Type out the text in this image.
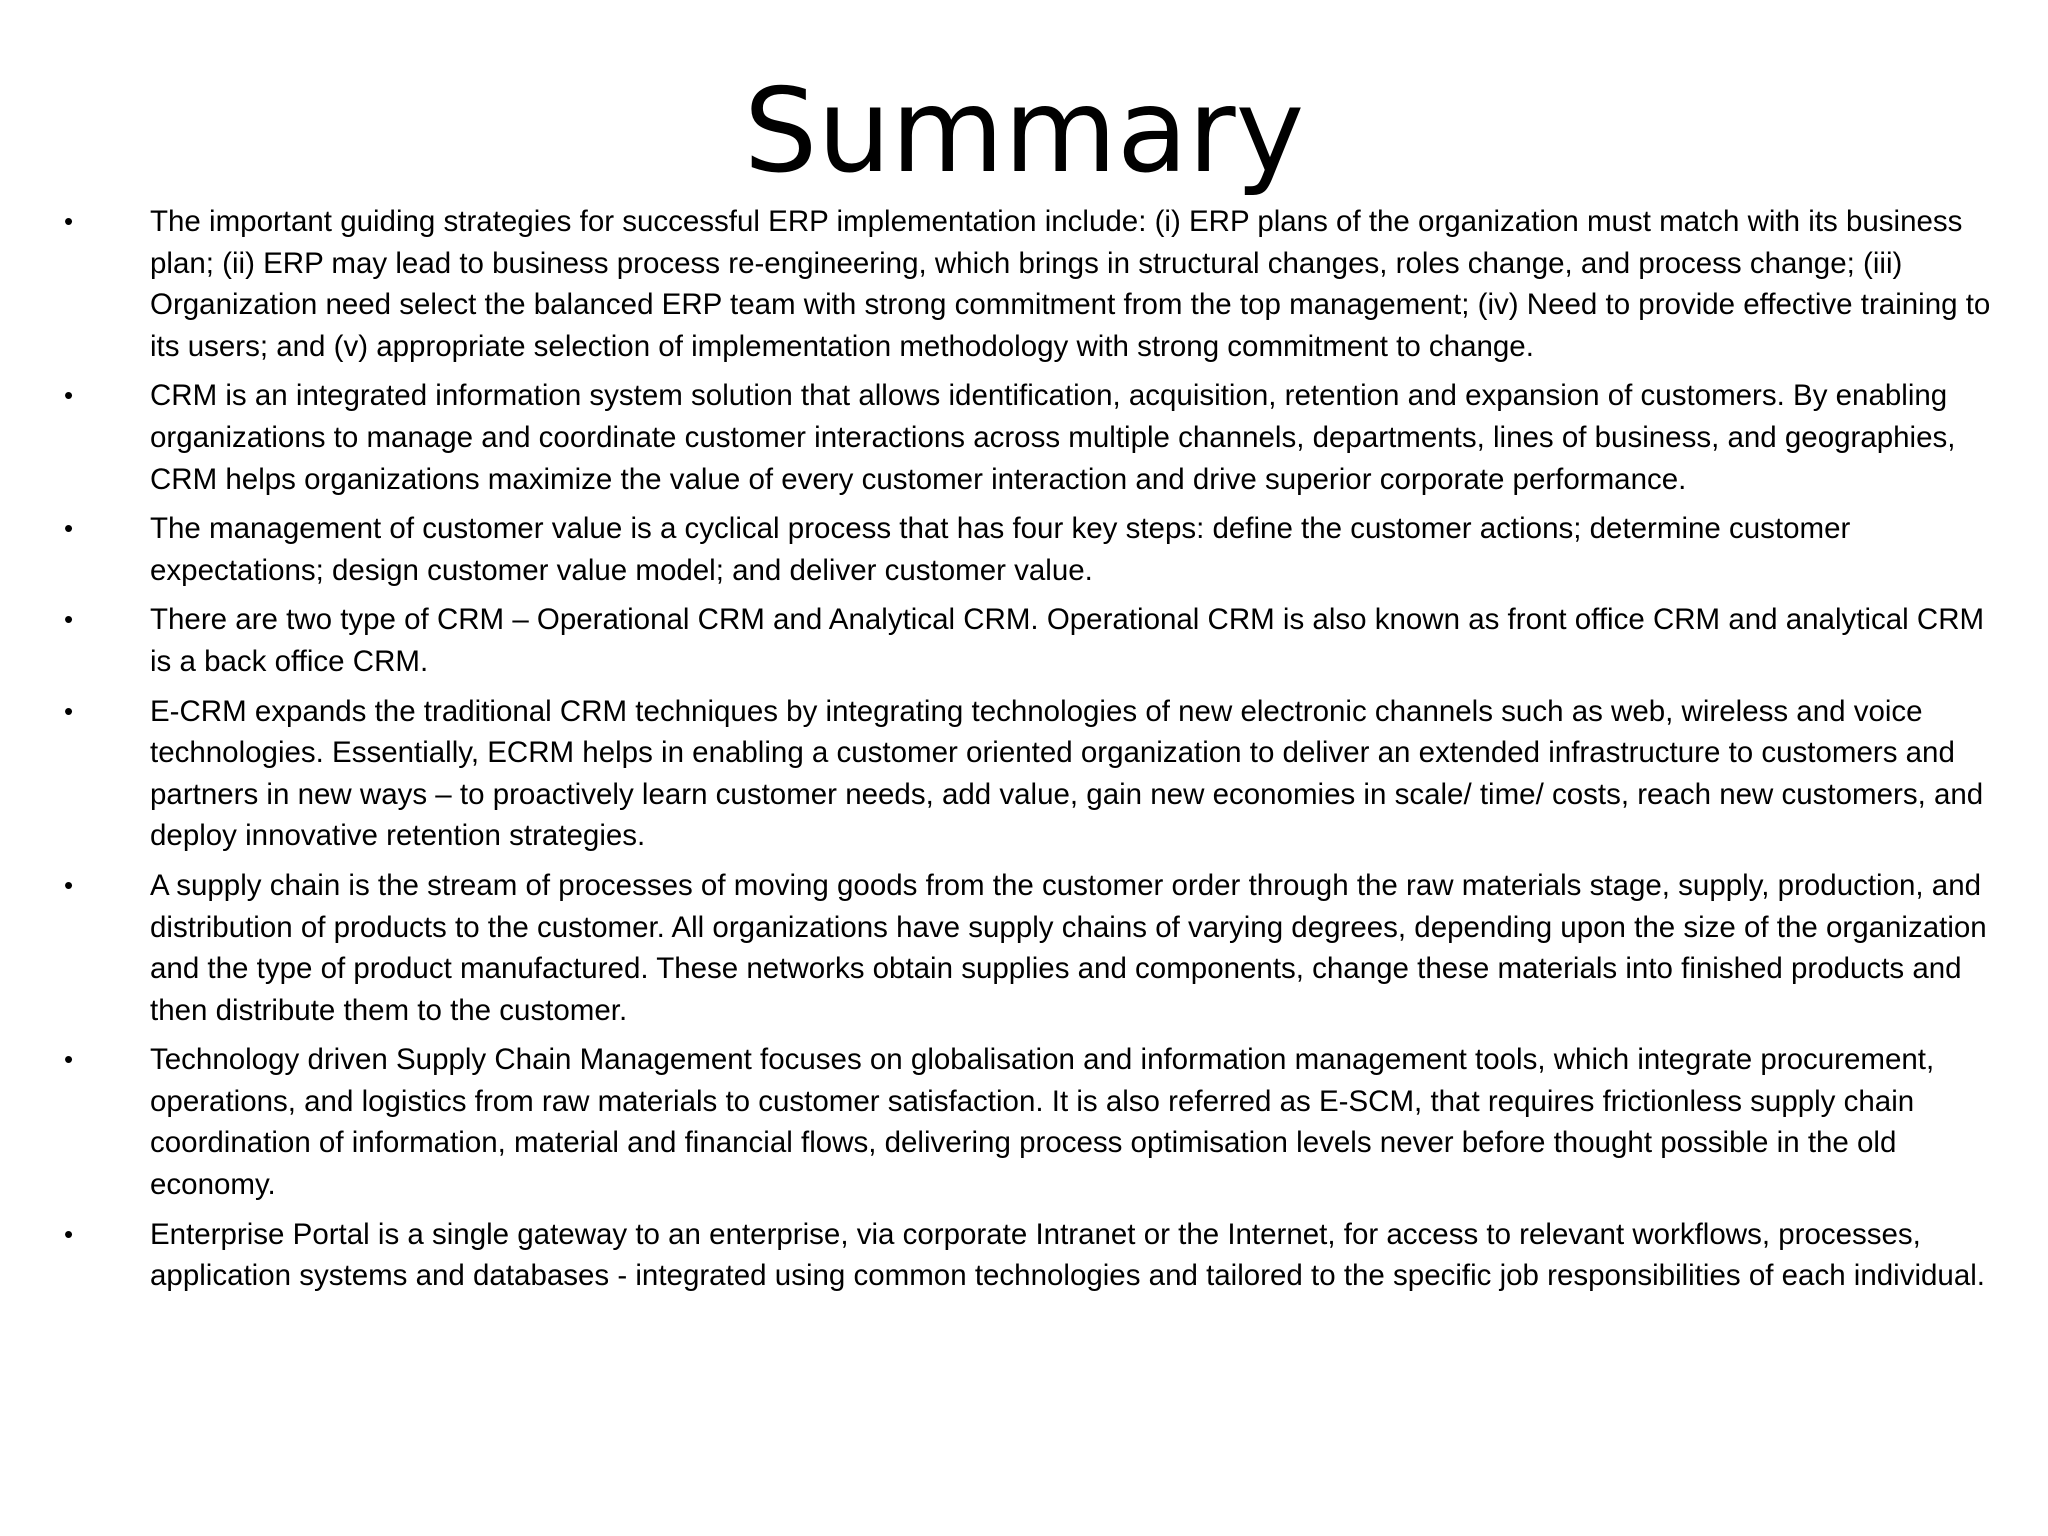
Summary
•	The important guiding strategies for successful ERP implementation include: (i) ERP plans of the organization must match with its business plan; (ii) ERP may lead to business process re-engineering, which brings in structural changes, roles change, and process change; (iii) Organization need select the balanced ERP team with strong commitment from the top management; (iv) Need to provide effective training to its users; and (v) appropriate selection of implementation methodology with strong commitment to change.
•	CRM is an integrated information system solution that allows identification, acquisition, retention and expansion of customers. By enabling organizations to manage and coordinate customer interactions across multiple channels, departments, lines of business, and geographies, CRM helps organizations maximize the value of every customer interaction and drive superior corporate performance.
•	The management of customer value is a cyclical process that has four key steps: define the customer actions; determine customer expectations; design customer value model; and deliver customer value.
•	There are two type of CRM – Operational CRM and Analytical CRM. Operational CRM is also known as front office CRM and analytical CRM is a back office CRM.
•	E-CRM expands the traditional CRM techniques by integrating technologies of new electronic channels such as web, wireless and voice technologies. Essentially, ECRM helps in enabling a customer oriented organization to deliver an extended infrastructure to customers and partners in new ways – to proactively learn customer needs, add value, gain new economies in scale/ time/ costs, reach new customers, and deploy innovative retention strategies.
•	A supply chain is the stream of processes of moving goods from the customer order through the raw materials stage, supply, production, and distribution of products to the customer. All organizations have supply chains of varying degrees, depending upon the size of the organization and the type of product manufactured. These networks obtain supplies and components, change these materials into finished products and then distribute them to the customer.
•	Technology driven Supply Chain Management focuses on globalisation and information management tools, which integrate procurement, operations, and logistics from raw materials to customer satisfaction. It is also referred as E-SCM, that requires frictionless supply chain coordination of information, material and financial flows, delivering process optimisation levels never before thought possible in the old economy.
•	Enterprise Portal is a single gateway to an enterprise, via corporate Intranet or the Internet, for access to relevant workflows, processes, application systems and databases - integrated using common technologies and tailored to the specific job responsibilities of each individual.
